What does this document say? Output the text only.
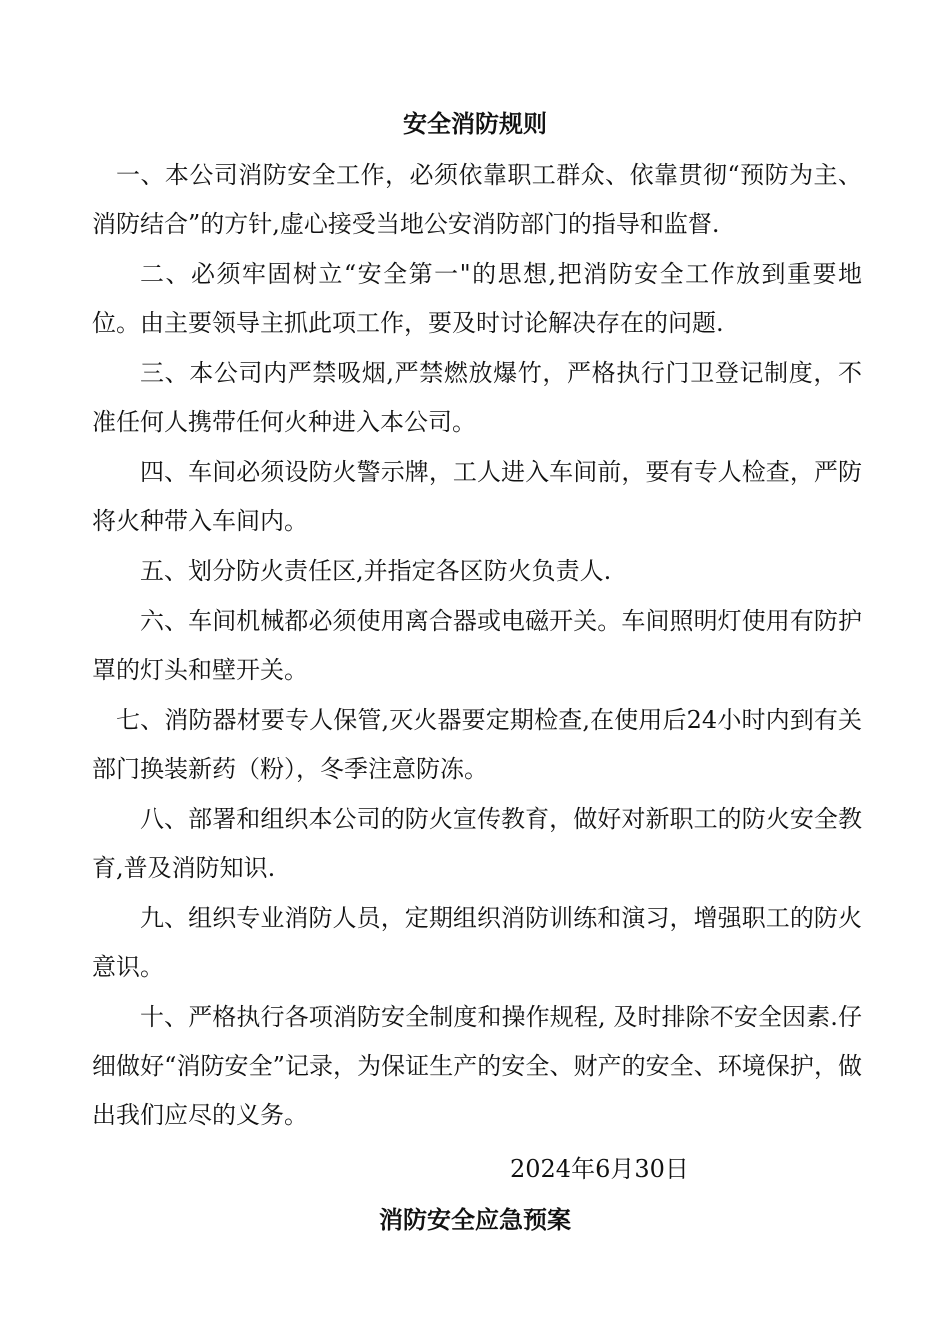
安全消防规则
一、本公司消防安全工作，必须依靠职工群众、依靠贯彻“预防为主、消防结合”的方针,虚心接受当地公安消防部门的指导和监督.
二、必须牢固树立“安全第一"的思想,把消防安全工作放到重要地位。由主要领导主抓此项工作，要及时讨论解决存在的问题.
三、本公司内严禁吸烟,严禁燃放爆竹，严格执行门卫登记制度，不准任何人携带任何火种进入本公司。
四、车间必须设防火警示牌，工人进入车间前，要有专人检查，严防将火种带入车间内。
五、划分防火责任区,并指定各区防火负责人.
六、车间机械都必须使用离合器或电磁开关。车间照明灯使用有防护罩的灯头和壁开关。
七、消防器材要专人保管,灭火器要定期检查,在使用后24小时内到有关部门换装新药（粉），冬季注意防冻。
八、部署和组织本公司的防火宣传教育，做好对新职工的防火安全教育,普及消防知识.
九、组织专业消防人员，定期组织消防训练和演习，增强职工的防火意识。
十、严格执行各项消防安全制度和操作规程, 及时排除不安全因素.仔细做好“消防安全”记录，为保证生产的安全、财产的安全、环境保护，做出我们应尽的义务。
2024年6月30日
消防安全应急预案
